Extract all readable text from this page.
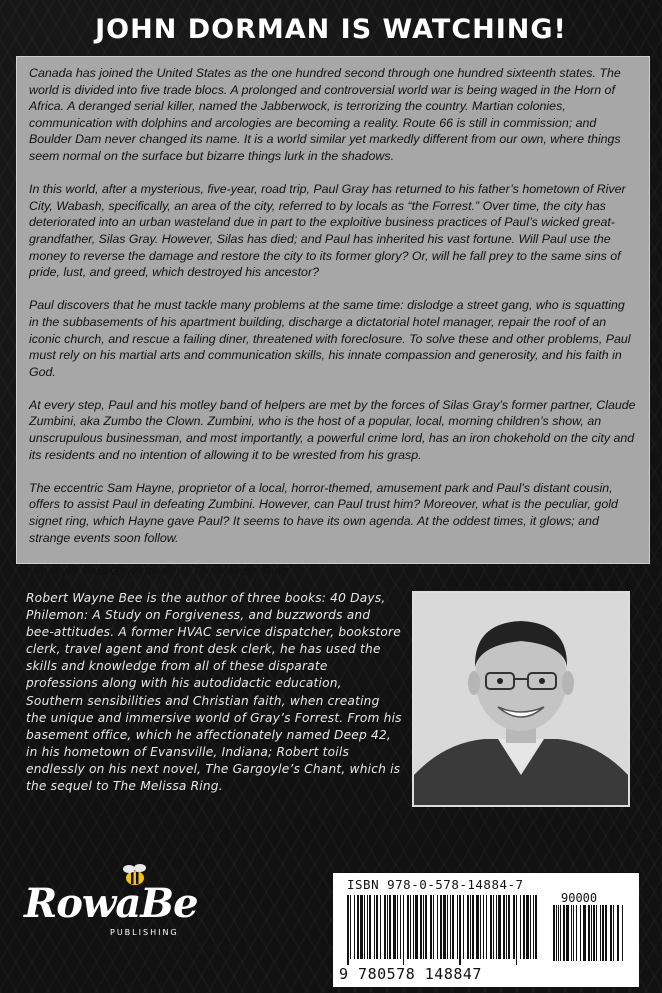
JOHN DORMAN IS WATCHING!

Canada has joined the United States as the one hundred second through one hundred sixteenth states. The world is divided into five trade blocs. A prolonged and controversial world war is being waged in the Horn of Africa. A deranged serial killer, named the Jabberwock, is terrorizing the country. Martian colonies, communication with dolphins and arcologies are becoming a reality. Route 66 is still in commission; and Boulder Dam never changed its name. It is a world similar yet markedly different from our own, where things seem normal on the surface but bizarre things lurk in the shadows.

In this world, after a mysterious, five-year, road trip, Paul Gray has returned to his father’s hometown of River City, Wabash, specifically, an area of the city, referred to by locals as “the Forrest.” Over time, the city has deteriorated into an urban wasteland due in part to the exploitive business practices of Paul’s wicked great-grandfather, Silas Gray. However, Silas has died; and Paul has inherited his vast fortune. Will Paul use the money to reverse the damage and restore the city to its former glory? Or, will he fall prey to the same sins of pride, lust, and greed, which destroyed his ancestor?

Paul discovers that he must tackle many problems at the same time: dislodge a street gang, who is squatting in the subbasements of his apartment building, discharge a dictatorial hotel manager, repair the roof of an iconic church, and rescue a failing diner, threatened with foreclosure. To solve these and other problems, Paul must rely on his martial arts and communication skills, his innate compassion and generosity, and his faith in God.

At every step, Paul and his motley band of helpers are met by the forces of Silas Gray’s former partner, Claude Zumbini, aka Zumbo the Clown. Zumbini, who is the host of a popular, local, morning children’s show, an unscrupulous businessman, and most importantly, a powerful crime lord, has an iron chokehold on the city and its residents and no intention of allowing it to be wrested from his grasp.

The eccentric Sam Hayne, proprietor of a local, horror-themed, amusement park and Paul’s distant cousin, offers to assist Paul in defeating Zumbini. However, can Paul trust him? Moreover, what is the peculiar, gold signet ring, which Hayne gave Paul? It seems to have its own agenda. At the oddest times, it glows; and strange events soon follow.

What will Paul Gray do with…The Melissa Ring?

Robert Wayne Bee is the author of three books: 40 Days, Philemon: A Study on Forgiveness, and buzzwords and bee-attitudes. A former HVAC service dispatcher, bookstore clerk, travel agent and front desk clerk, he has used the skills and knowledge from all of these disparate professions along with his autodidactic education, Southern sensibilities and Christian faith, when creating the unique and immersive world of Gray’s Forrest. From his basement office, which he affectionately named Deep 42, in his hometown of Evansville, Indiana; Robert toils endlessly on his next novel, The Gargoyle’s Chant, which is the sequel to The Melissa Ring.

RowaBe
PUBLISHING
ISBN 978-0-578-14884-7
90000
9 780578 148847
